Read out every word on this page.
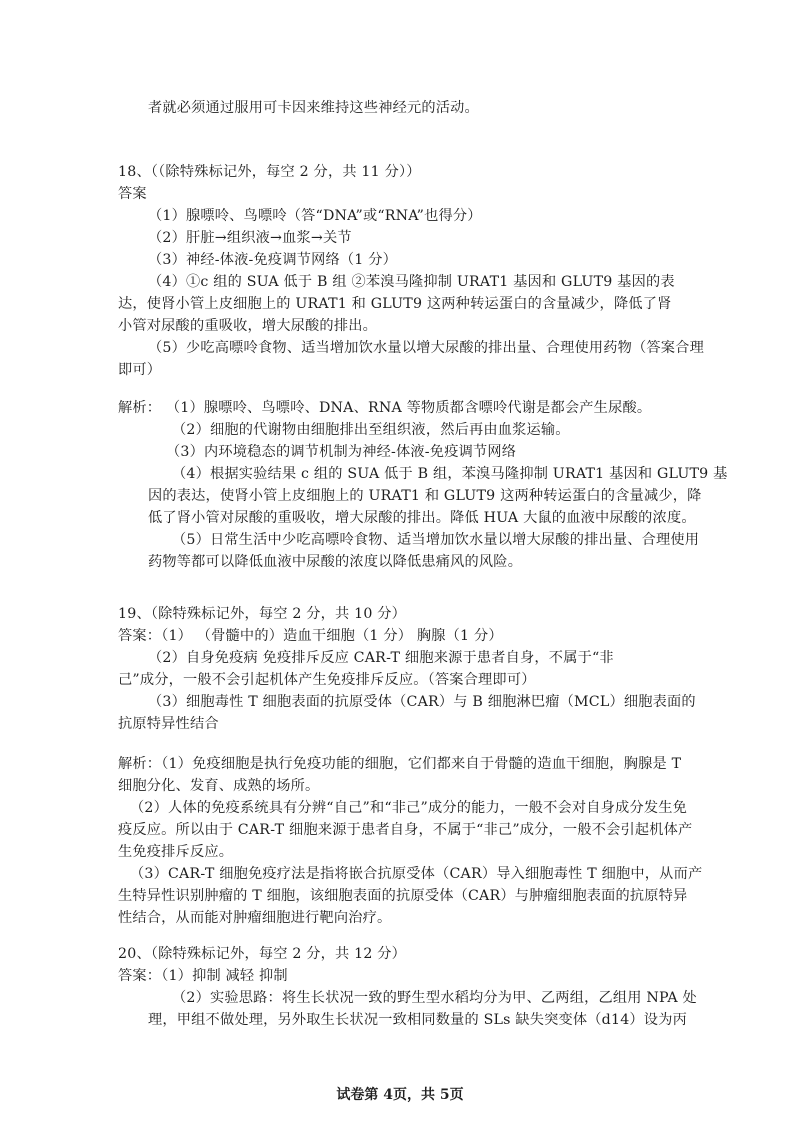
者就必须通过服用可卡因来维持这些神经元的活动。
18、（（除特殊标记外，每空 2 分，共 11 分））
答案
（1）腺嘌呤、鸟嘌呤（答“DNA”或“RNA”也得分）
（2）肝脏→组织液→血浆→关节
（3）神经-体液-免疫调节网络（1 分）
（4）①c 组的 SUA 低于 B 组 ②苯溴马隆抑制 URAT1 基因和 GLUT9 基因的表
达，使肾小管上皮细胞上的 URAT1 和 GLUT9 这两种转运蛋白的含量减少，降低了肾
小管对尿酸的重吸收，增大尿酸的排出。
（5）少吃高嘌呤食物、适当增加饮水量以增大尿酸的排出量、合理使用药物（答案合理
即可）
解析： （1）腺嘌呤、鸟嘌呤、DNA、RNA 等物质都含嘌呤代谢是都会产生尿酸。
（2）细胞的代谢物由细胞排出至组织液，然后再由血浆运输。
（3）内环境稳态的调节机制为神经-体液-免疫调节网络
（4）根据实验结果 c 组的 SUA 低于 B 组，苯溴马隆抑制 URAT1 基因和 GLUT9 基
因的表达，使肾小管上皮细胞上的 URAT1 和 GLUT9 这两种转运蛋白的含量减少，降
低了肾小管对尿酸的重吸收，增大尿酸的排出。降低 HUA 大鼠的血液中尿酸的浓度。
（5）日常生活中少吃高嘌呤食物、适当增加饮水量以增大尿酸的排出量、合理使用
药物等都可以降低血液中尿酸的浓度以降低患痛风的风险。
19、（除特殊标记外，每空 2 分，共 10 分）
答案：（1） （骨髓中的）造血干细胞（1 分） 胸腺（1 分）
（2）自身免疫病 免疫排斥反应 CAR-T 细胞来源于患者自身，不属于“非
己”成分，一般不会引起机体产生免疫排斥反应。（答案合理即可）
（3）细胞毒性 T 细胞表面的抗原受体（CAR）与 B 细胞淋巴瘤（MCL）细胞表面的
抗原特异性结合
解析：（1）免疫细胞是执行免疫功能的细胞，它们都来自于骨髓的造血干细胞，胸腺是 T
细胞分化、发育、成熟的场所。
（2）人体的免疫系统具有分辨“自己”和“非己”成分的能力，一般不会对自身成分发生免
疫反应。所以由于 CAR-T 细胞来源于患者自身，不属于“非己”成分，一般不会引起机体产
生免疫排斥反应。
（3）CAR-T 细胞免疫疗法是指将嵌合抗原受体（CAR）导入细胞毒性 T 细胞中，从而产
生特异性识别肿瘤的 T 细胞，该细胞表面的抗原受体（CAR）与肿瘤细胞表面的抗原特异
性结合，从而能对肿瘤细胞进行靶向治疗。
20、（除特殊标记外，每空 2 分，共 12 分）
答案：（1）抑制 减轻 抑制
（2）实验思路：将生长状况一致的野生型水稻均分为甲、乙两组，乙组用 NPA 处
理，甲组不做处理，另外取生长状况一致相同数量的 SLs 缺失突变体（d14）设为丙
试卷第 4页，共 5页
